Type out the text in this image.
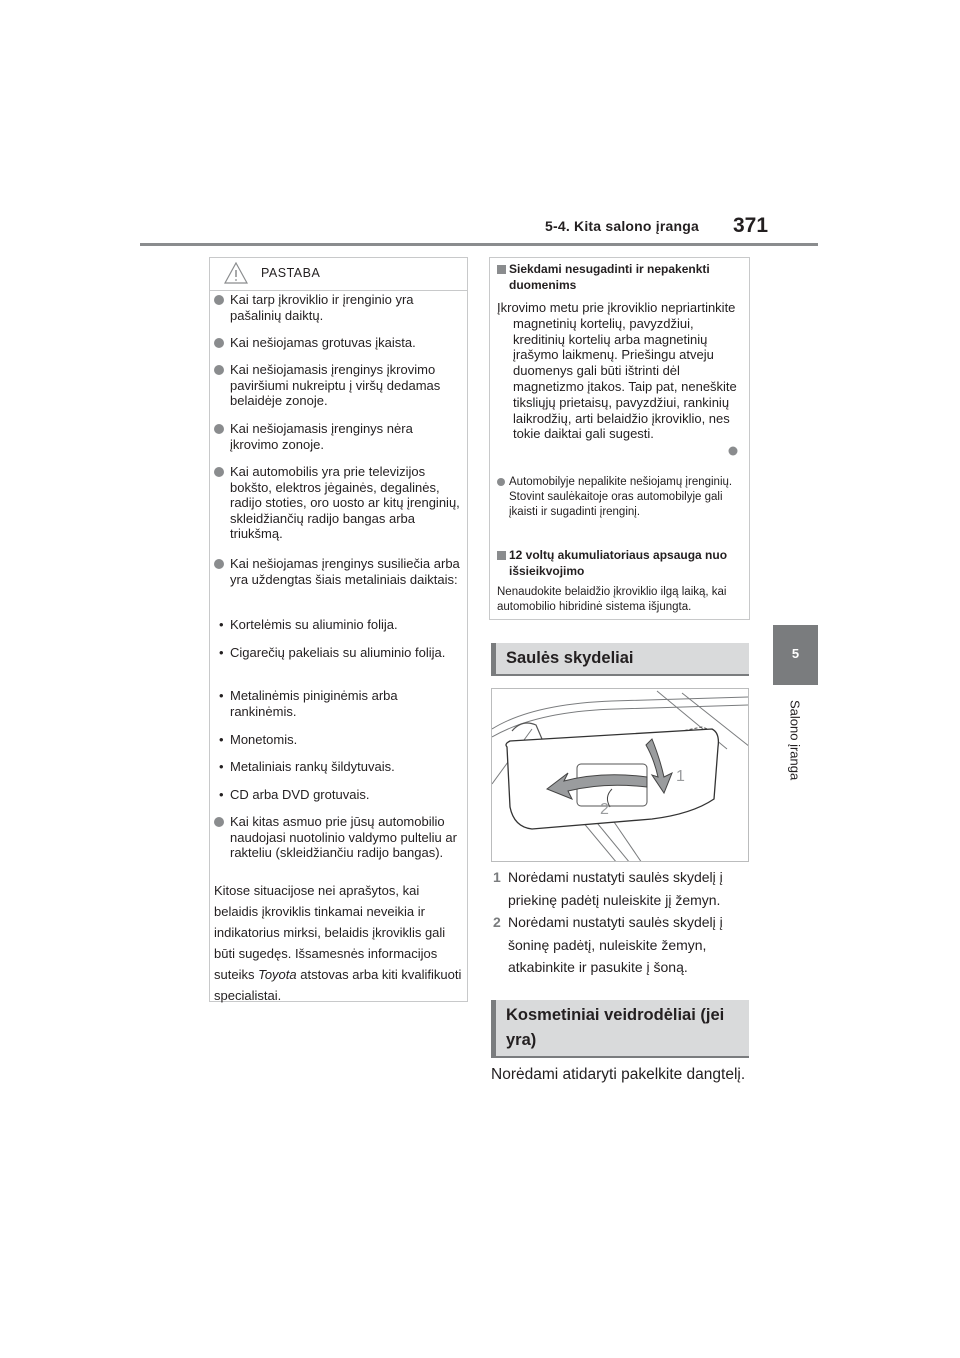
5-4. Kita salono įranga 371
5
Salono įranga
PASTABA
Kai tarp įkroviklio ir įrenginio yra pašalinių daiktų.
Kai nešiojamas grotuvas įkaista.
Kai nešiojamasis įrenginys įkrovimo paviršiumi nukreiptu į viršų dedamas belaidėje zonoje.
Kai nešiojamasis įrenginys nėra įkrovimo zonoje.
Kai automobilis yra prie televizijos bokšto, elektros jėgainės, degalinės, radijo stoties, oro uosto ar kitų įrenginių, skleidžiančių radijo bangas arba triukšmą.
Kai nešiojamas įrenginys susiliečia arba yra uždengtas šiais metaliniais daiktais:
• Kortelėmis su aliuminio folija.
• Cigarečių pakeliais su aliuminio folija.
• Metalinėmis piniginėmis arba rankinėmis.
• Monetomis.
• Metaliniais rankų šildytuvais.
• CD arba DVD grotuvais.
Kai kitas asmuo prie jūsų automobilio naudojasi nuotolinio valdymo pulteliu ar rakteliu (skleidžiančiu radijo bangas).
Kitose situacijose nei aprašytos, kai belaidis įkroviklis tinkamai neveikia ir indikatorius mirksi, belaidis įkroviklis gali būti sugedęs. Išsamesnės informacijos suteiks Toyota atstovas arba kiti kvalifikuoti specialistai.
Siekdami nesugadinti ir nepakenkti duomenims
Įkrovimo metu prie įkroviklio nepriartinkite magnetinių kortelių, pavyzdžiui, kreditinių kortelių arba magnetinių įrašymo laikmenų. Priešingu atveju duomenys gali būti ištrinti dėl magnetizmo įtakos. Taip pat, neneškite tiksliųjų prietaisų, pavyzdžiui, rankinių laikrodžių, arti belaidžio įkroviklio, nes tokie daiktai gali sugesti.
Automobilyje nepalikite nešiojamų įrenginių. Stovint saulėkaitoje oras automobilyje gali įkaisti ir sugadinti įrenginį.
12 voltų akumuliatoriaus apsauga nuo išsieikvojimo
Nenaudokite belaidžio įkroviklio ilgą laiką, kai automobilio hibridinė sistema išjungta.
Saulės skydeliai
1
2
1 Norėdami nustatyti saulės skydelį į priekinę padėtį nuleiskite jį žemyn.
2 Norėdami nustatyti saulės skydelį į šoninę padėtį, nuleiskite žemyn, atkabinkite ir pasukite į šoną.
Kosmetiniai veidrodėliai (jei yra)
Norėdami atidaryti pakelkite dangtelį.
